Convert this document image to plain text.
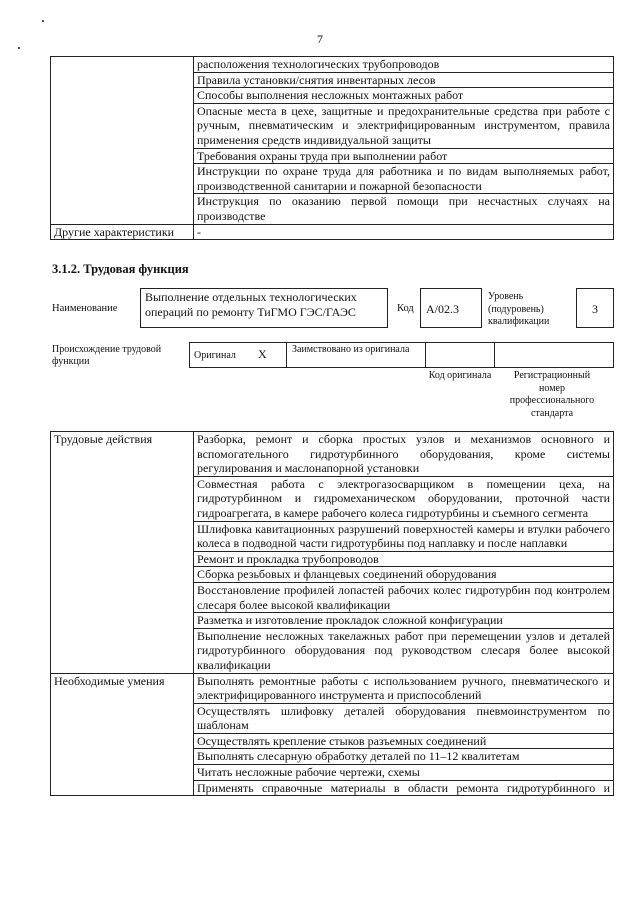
7
	расположения технологических трубопроводов
	Правила установки/снятия инвентарных лесов
	Способы выполнения несложных монтажных работ
	Опасные места в цехе, защитные и предохранительные средства при работе с ручным, пневматическим и электрифицированным инструментом, правила применения средств индивидуальной защиты
	Требования охраны труда при выполнении работ
	Инструкции по охране труда для работника и по видам выполняемых работ, производственной санитарии и пожарной безопасности
	Инструкция по оказанию первой помощи при несчастных случаях на производстве
Другие характеристики	-
3.1.2. Трудовая функция
Наименование
Выполнение отдельных технологических операций по ремонту ТиГМО ГЭС/ГАЭС	Код А/02.3
Уровень (подуровень) квалификации
3
Происхождение трудовой функции
Оригинал X	Заимствовано из оригинала
Код оригинала	Регистрационный номер профессионального стандарта
Трудовые действия	Разборка, ремонт и сборка простых узлов и механизмов основного и вспомогательного гидротурбинного оборудования, кроме системы регулирования и маслонапорной установки
	Совместная работа с электрогазосварщиком в помещении цеха, на гидротурбинном и гидромеханическом оборудовании, проточной части гидроагрегата, в камере рабочего колеса гидротурбины и съемного сегмента
	Шлифовка кавитационных разрушений поверхностей камеры и втулки рабочего колеса в подводной части гидротурбины под наплавку и после наплавки
	Ремонт и прокладка трубопроводов
	Сборка резьбовых и фланцевых соединений оборудования
	Восстановление профилей лопастей рабочих колес гидротурбин под контролем слесаря более высокой квалификации
	Разметка и изготовление прокладок сложной конфигурации
	Выполнение несложных такелажных работ при перемещении узлов и деталей гидротурбинного оборудования под руководством слесаря более высокой квалификации
Необходимые умения	Выполнять ремонтные работы с использованием ручного, пневматического и электрифицированного инструмента и приспособлений
	Осуществлять шлифовку деталей оборудования пневмоинструментом по шаблонам
	Осуществлять крепление стыков разъемных соединений
	Выполнять слесарную обработку деталей по 11–12 квалитетам
	Читать несложные рабочие чертежи, схемы
	Применять справочные материалы в области ремонта гидротурбинного и
